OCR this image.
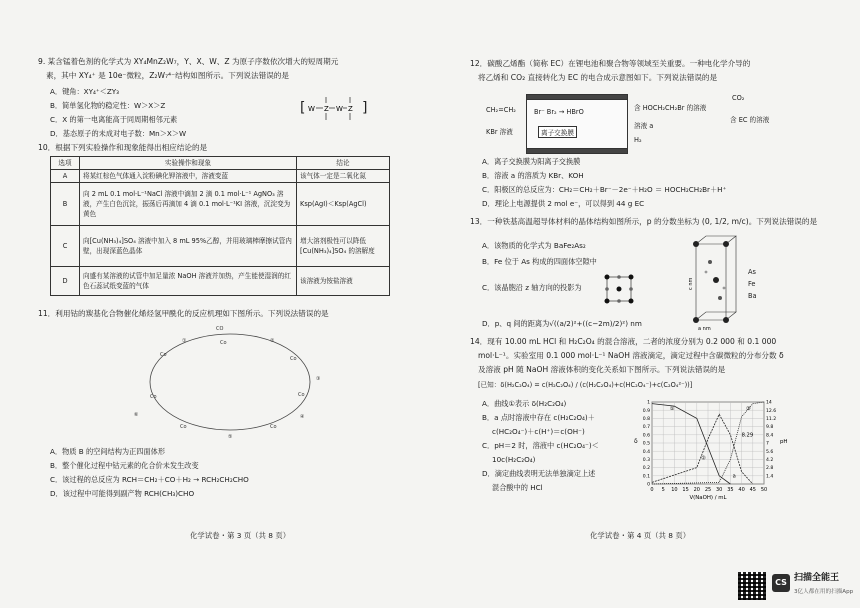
9. 某含锰着色剂的化学式为 XY₄MnZ₂W₇，Y、X、W、Z 为原子序数依次增大的短周期元
素，其中 XY₄⁺ 是 10e⁻微粒，Z₂W₇⁴⁻结构如图所示。下列说法错误的是
A．键角：XY₄⁺＜ZY₃
B．简单氢化物的稳定性：W＞X＞Z
C．X 的第一电离能高于同周期相邻元素
D．基态原子的未成对电子数：Mn＞X＞W
[	]
W Z W Z
10．根据下列实验操作和现象能得出相应结论的是
选项	实验操作和现象	结论
A	将某红棕色气体通入淀粉碘化钾溶液中，溶液变蓝	该气体一定是二氧化氮
B	向 2 mL 0.1 mol·L⁻¹NaCl 溶液中滴加 2 滴 0.1 mol·L⁻¹ AgNO₃ 溶液，产生白色沉淀，振荡后再滴加 4 滴 0.1 mol·L⁻¹KI 溶液，沉淀变为黄色	Ksp(AgI)＜Ksp(AgCl)
C	向[Cu(NH₃)₄]SO₄ 溶液中加入 8 mL 95%乙醇，并用玻璃棒摩擦试管内壁，出现深蓝色晶体	增大溶剂极性可以降低[Cu(NH₃)₄]SO₄ 的溶解度
D	向盛有某溶液的试管中加足量浓 NaOH 溶液并加热，产生能使湿润的红色石蕊试纸变蓝的气体	该溶液为铵盐溶液
11．利用钴的羰基化合物催化烯烃氢甲酰化的反应机理如下图所示。下列说法错误的是
CO
Co
Co
Co
Co
Co
Co
Co
①	②
③
④
⑤
⑥
A．物质 B 的空间结构为正四面体形
B．整个催化过程中钴元素的化合价未发生改变
C．该过程的总反应为 RCH＝CH₂＋CO＋H₂ → RCH₂CH₂CHO
D．该过程中可能得到副产物 RCH(CH₃)CHO
化学试卷・第 3 页（共 8 页）
12．碳酸乙烯酯（简称 EC）在锂电池和聚合物等领域至关重要。一种电化学介导的
将乙烯和 CO₂ 直接转化为 EC 的电合成示意图如下。下列说法错误的是
CH₂=CH₂
KBr 溶液
Br⁻ Br₂ → HBrO
离子交换膜
含 HOCH₂CH₂Br 的溶液
溶液 a
H₂
CO₂
含 EC 的溶液
A．离子交换膜为阳离子交换膜
B．溶液 a 的溶质为 KBr、KOH
C．阳极区的总反应为：CH₂＝CH₂＋Br⁻－2e⁻＋H₂O ＝ HOCH₂CH₂Br＋H⁺
D．理论上电源提供 2 mol e⁻，可以得到 44 g EC
13．一种铁基高温超导体材料的晶体结构如图所示，p 的分数坐标为 (0, 1/2, m/c)。下列说法错误的是
A．该物质的化学式为 BaFe₂As₂
B．Fe 位于 As 构成的四面体空隙中
C．该晶胞沿 z 轴方向的投影为
D．p、q 间的距离为√((a/2)²+((c−2m)/2)²) nm
a nm
c nm
As
Fe
Ba
14．现有 10.00 mL HCl 和 H₂C₂O₄ 的混合溶液，二者的浓度分别为 0.2 000 和 0.1 000
mol·L⁻¹。实验室用 0.1 000 mol·L⁻¹ NaOH 溶液滴定，滴定过程中含碳微粒的分布分数 δ
及溶液 pH 随 NaOH 溶液体积的变化关系如下图所示。下列说法错误的是
[已知：δ(H₂C₂O₄) = c(H₂C₂O₄) / (c(H₂C₂O₄)+c(HC₂O₄⁻)+c(C₂O₄²⁻))]
A．曲线①表示 δ(H₂C₂O₄)
B．a 点时溶液中存在 c(H₂C₂O₄)＋
c(HC₂O₄⁻)＋c(H⁺)＝c(OH⁻)
C．pH＝2 时，溶液中 c(HC₂O₄⁻)＜
10c(H₂C₂O₄)
D．滴定曲线表明无法单独滴定上述
混合酸中的 HCl	0 5 10 15 20 25 30 35 40 45 50
0
0.1
0.2
0.3
0.4
0.5
0.6
0.7
0.8
0.9
1
1.4
2.8
4.2
5.6
7
8.4
9.8
11.2
12.6
14
V(NaOH) / mL
δ	pH
①
②
③
a
8.29
化学试卷・第 4 页（共 8 页）
CS 扫描全能王
3亿人都在用的扫描App
